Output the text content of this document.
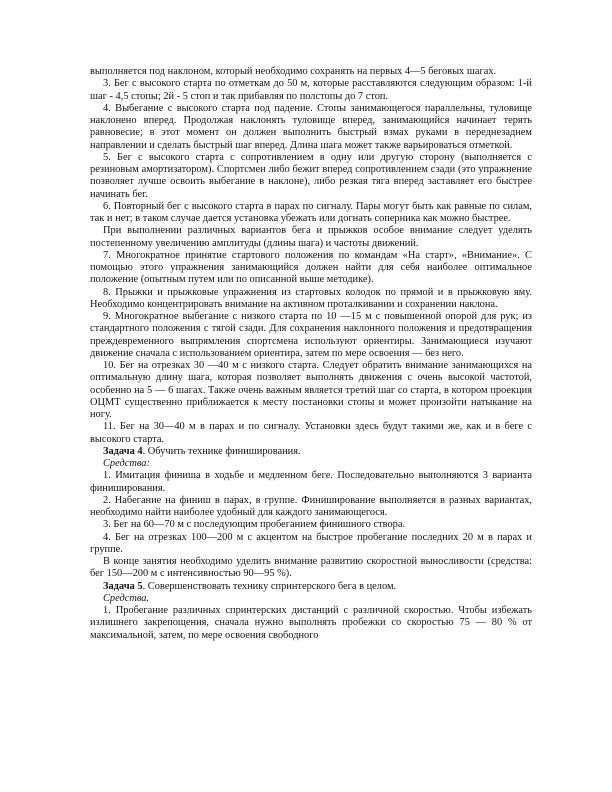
выполняется под наклоном, который необходимо сохранять на первых 4—5 беговых шагах.

3. Бег с высокого старта по отметкам до 50 м, которые расставляются следующим образом: 1-й шаг - 4,5 стопы; 2й - 5 стоп и так прибавляя по полстопы до 7 стоп.

4. Выбегание с высокого старта под падение. Стопы занимающегося параллельны, туловище наклонено вперед. Продолжая наклонять туловище вперед, занимающийся начинает терять равновесие; в этот момент он должен выполнить быстрый взмах руками в переднезаднем направлении и сделать быстрый шаг вперед. Длина шага может также варьироваться отметкой.

5. Бег с высокого старта с сопротивлением в одну или другую сторону (выполняется с резиновым амортизатором). Спортсмен либо бежит вперед сопротивлением сзади (это упражнение позволяет лучше освоить выбегание в наклоне), либо резкая тяга вперед заставляет его быстрее начинать бег.

6. Повторный бег с высокого старта в парах по сигналу. Пары могут быть как равные по силам, так и нет; в таком случае дается установка убежать или догнать соперника как можно быстрее.

При выполнении различных вариантов бега и прыжков особое внимание следует уделять постепенному увеличению амплитуды (длины шага) и частоты движений.

7. Многократное принятие стартового положения по командам «На старт», «Внимание». С помощью этого упражнения занимающийся должен найти для себя наиболее оптимальное положение (опытным путем или по описанной выше методике).

8. Прыжки и прыжковые упражнения из стартовых колодок по прямой и в прыжковую яму. Необходимо концентрировать внимание на активном проталкивании и сохранении наклона.

9. Многократное выбегание с низкого старта по 10 —15 м с повышенной опорой для рук; из стандартного положения с тягой сзади. Для сохранения наклонного положения и предотвращения преждевременного выпрямления спортсмена используют ориентиры. Занимающиеся изучают движение сначала с использованием ориентира, затем по мере освоения — без него.

10. Бег на отрезках 30 —40 м с низкого старта. Следует обратить внимание занимающихся на оптимальную длину шага, которая позволяет выполнять движения с очень высокой частотой, особенно на 5 — 6 шагах. Также очень важным является третий шаг со старта, в котором проекция ОЦМТ существенно приближается к месту постановки стопы и может произойти натыкание на ногу.

11. Бег на 30—40 м в парах и по сигналу. Установки здесь будут такими же, как и в беге с высокого старта.

Задача 4. Обучить технике финиширования.

Средства:

1. Имитация финиша в ходьбе и медленном беге. Последовательно выполняются 3 варианта финиширования.

2. Набегание на финиш в парах, в группе. Финиширование выполняется в разных вариантах, необходимо найти наиболее удобный для каждого занимающегося.

3. Бег на 60—70 м с последующим пробеганием финишного створа.

4. Бег на отрезках 100—200 м с акцентом на быстрое пробегание последних 20 м в парах и группе.

В конце занятия необходимо уделить внимание развитию скоростной выносливости (средства: бег 150—200 м с интенсивностью 90—95 %).

Задача 5. Совершенствовать технику спринтерского бега в целом.

Средства.

1. Пробегание различных спринтерских дистанций с различной скоростью. Чтобы избежать излишнего закрепощения, сначала нужно выполнять пробежки со скоростью 75 — 80 % от максимальной, затем, по мере освоения свободного
